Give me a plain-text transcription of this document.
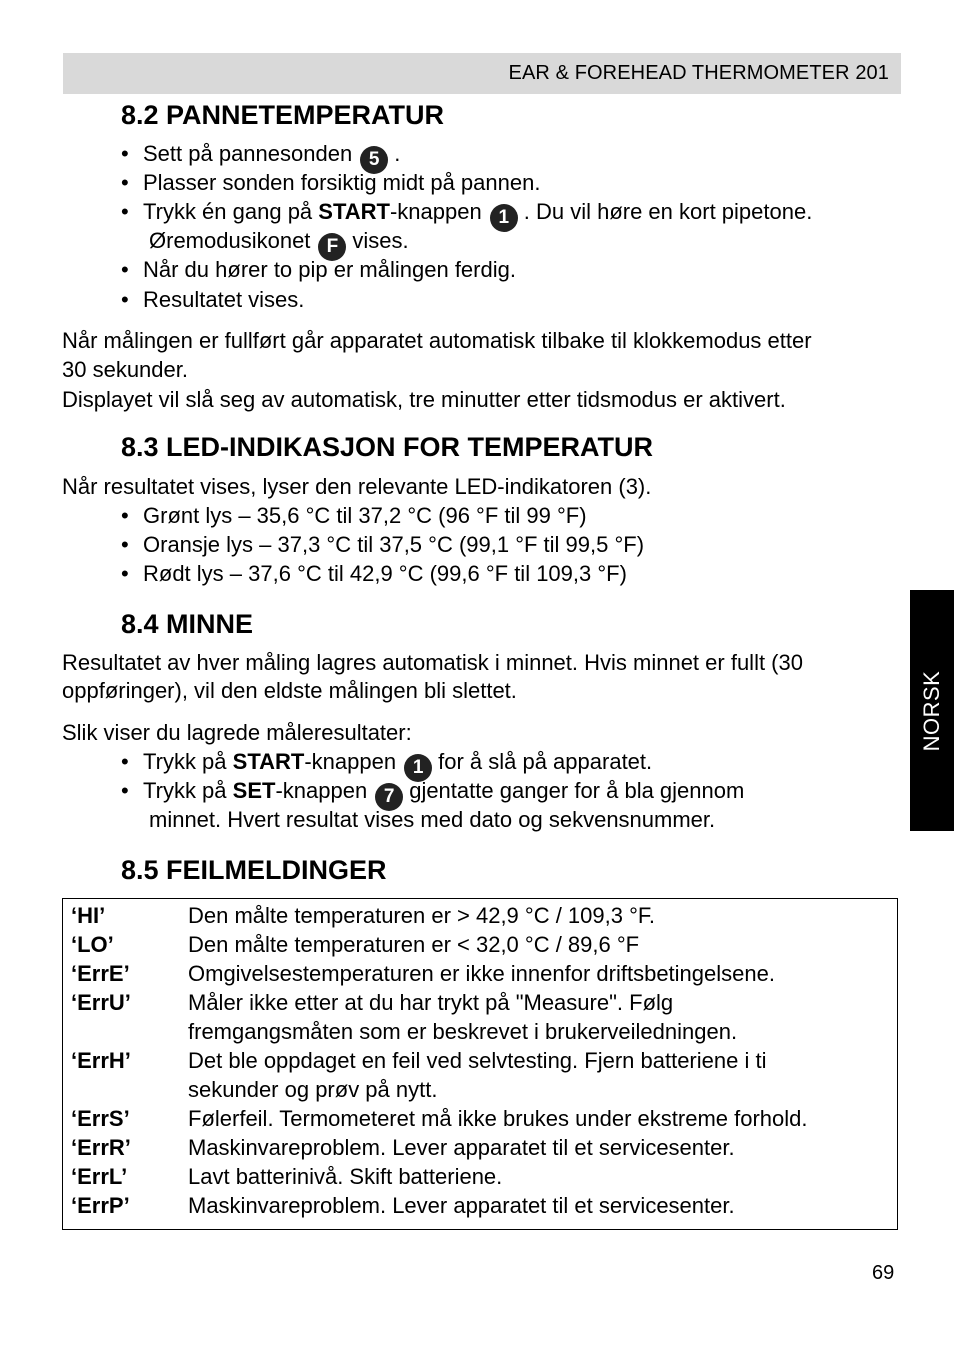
EAR & FOREHEAD THERMOMETER 201
8.2 PANNETEMPERATUR
• Sett på pannesonden 5 .
• Plasser sonden forsiktig midt på pannen.
• Trykk én gang på START-knappen 1 . Du vil høre en kort pipetone.
Øremodusikonet F vises.
• Når du hører to pip er målingen ferdig.
• Resultatet vises.
Når målingen er fullført går apparatet automatisk tilbake til klokkemodus etter
30 sekunder.
Displayet vil slå seg av automatisk, tre minutter etter tidsmodus er aktivert.
8.3 LED-INDIKASJON FOR TEMPERATUR
Når resultatet vises, lyser den relevante LED-indikatoren (3).
• Grønt lys – 35,6 °C til 37,2 °C (96 °F til 99 °F)
• Oransje lys – 37,3 °C til 37,5 °C (99,1 °F til 99,5 °F)
• Rødt lys – 37,6 °C til 42,9 °C (99,6 °F til 109,3 °F)
8.4 MINNE
Resultatet av hver måling lagres automatisk i minnet. Hvis minnet er fullt (30
oppføringer), vil den eldste målingen bli slettet.
Slik viser du lagrede måleresultater:
• Trykk på START-knappen 1 for å slå på apparatet.
• Trykk på SET-knappen 7 gjentatte ganger for å bla gjennom
minnet. Hvert resultat vises med dato og sekvensnummer.
NORSK
8.5 FEILMELDINGER
‘HI’	Den målte temperaturen er > 42,9 °C / 109,3 °F.
‘LO’	Den målte temperaturen er < 32,0 °C / 89,6 °F
‘ErrE’	Omgivelsestemperaturen er ikke innenfor driftsbetingelsene.
‘ErrU’	Måler ikke etter at du har trykt på "Measure". Følg
fremgangsmåten som er beskrevet i brukerveiledningen.
‘ErrH’	Det ble oppdaget en feil ved selvtesting. Fjern batteriene i ti
sekunder og prøv på nytt.
‘ErrS’	Følerfeil. Termometeret må ikke brukes under ekstreme forhold.
‘ErrR’	Maskinvareproblem. Lever apparatet til et servicesenter.
‘ErrL’	Lavt batterinivå. Skift batteriene.
‘ErrP’	Maskinvareproblem. Lever apparatet til et servicesenter.
69
